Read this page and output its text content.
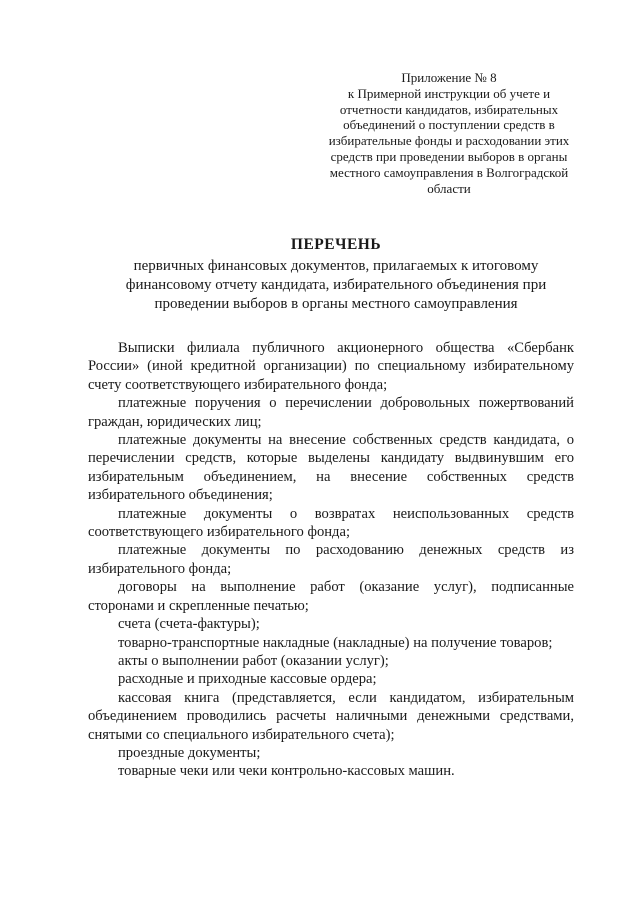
Приложение № 8
к Примерной инструкции об учете и
отчетности кандидатов, избирательных
объединений о поступлении средств в
избирательные фонды и расходовании этих
средств при проведении выборов в органы
местного самоуправления в Волгоградской
области
ПЕРЕЧЕНЬ
первичных финансовых документов, прилагаемых к итоговому
финансовому отчету кандидата, избирательного объединения при
проведении выборов в органы местного самоуправления
Выписки филиала публичного акционерного общества «Сбербанк
России» (иной кредитной организации) по специальному избирательному
счету соответствующего избирательного фонда;
платежные поручения о перечислении добровольных пожертвований
граждан, юридических лиц;
платежные документы на внесение собственных средств кандидата, о
перечислении средств, которые выделены кандидату выдвинувшим его
избирательным объединением, на внесение собственных средств
избирательного объединения;
платежные документы о возвратах неиспользованных средств
соответствующего избирательного фонда;
платежные документы по расходованию денежных средств из
избирательного фонда;
договоры на выполнение работ (оказание услуг), подписанные
сторонами и скрепленные печатью;
счета (счета-фактуры);
товарно-транспортные накладные (накладные) на получение товаров;
акты о выполнении работ (оказании услуг);
расходные и приходные кассовые ордера;
кассовая книга (представляется, если кандидатом, избирательным
объединением проводились расчеты наличными денежными средствами,
снятыми со специального избирательного счета);
проездные документы;
товарные чеки или чеки контрольно-кассовых машин.
